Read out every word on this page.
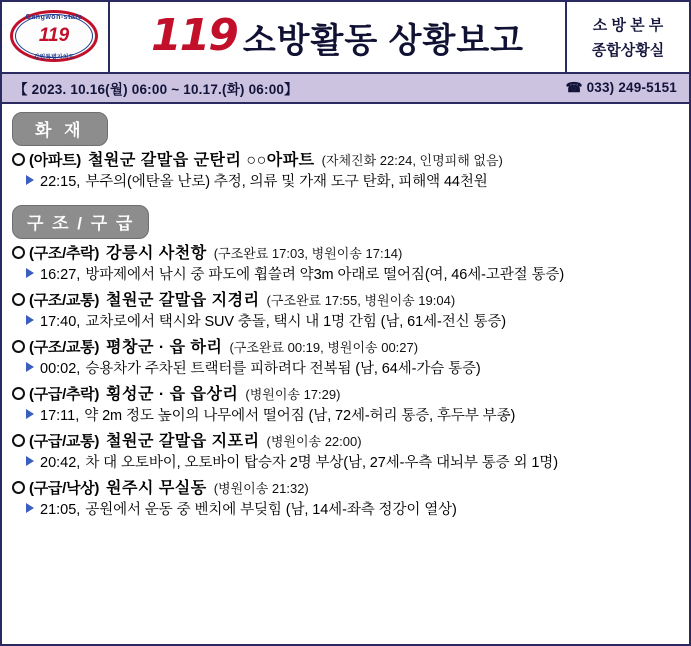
Gangwon-state
119
강원특별자치도	119 소방활동 상황보고	소 방 본 부
종합상황실
【 2023. 10.16(월) 06:00 ~ 10.17.(화) 06:00】	☎ 033) 249-5151
화 재
(아파트) 철원군 갈말읍 군탄리 ○○아파트 (자체진화 22:24, 인명피해 없음)
22:15, 부주의(에탄올 난로) 추정, 의류 및 가재 도구 탄화, 피해액 44천원
구 조 / 구 급
(구조/추락) 강릉시 사천항 (구조완료 17:03, 병원이송 17:14)
16:27, 방파제에서 낚시 중 파도에 휩쓸려 약3m 아래로 떨어짐(여, 46세-고관절 통증)
(구조/교통) 철원군 갈말읍 지경리 (구조완료 17:55, 병원이송 19:04)
17:40, 교차로에서 택시와 SUV 충돌, 택시 내 1명 간힘 (남, 61세-전신 통증)
(구조/교통) 평창군 · 읍 하리 (구조완료 00:19, 병원이송 00:27)
00:02, 승용차가 주차된 트랙터를 피하려다 전복됨 (남, 64세-가슴 통증)
(구급/추락) 횡성군 · 읍 읍상리 (병원이송 17:29)
17:11, 약 2m 정도 높이의 나무에서 떨어짐 (남, 72세-허리 통증, 후두부 부종)
(구급/교통) 철원군 갈말읍 지포리 (병원이송 22:00)
20:42, 차 대 오토바이, 오토바이 탑승자 2명 부상(남, 27세-우측 대뇌부 통증 외 1명)
(구급/낙상) 원주시 무실동 (병원이송 21:32)
21:05, 공원에서 운동 중 벤치에 부딪힘 (남, 14세-좌측 정강이 열상)
